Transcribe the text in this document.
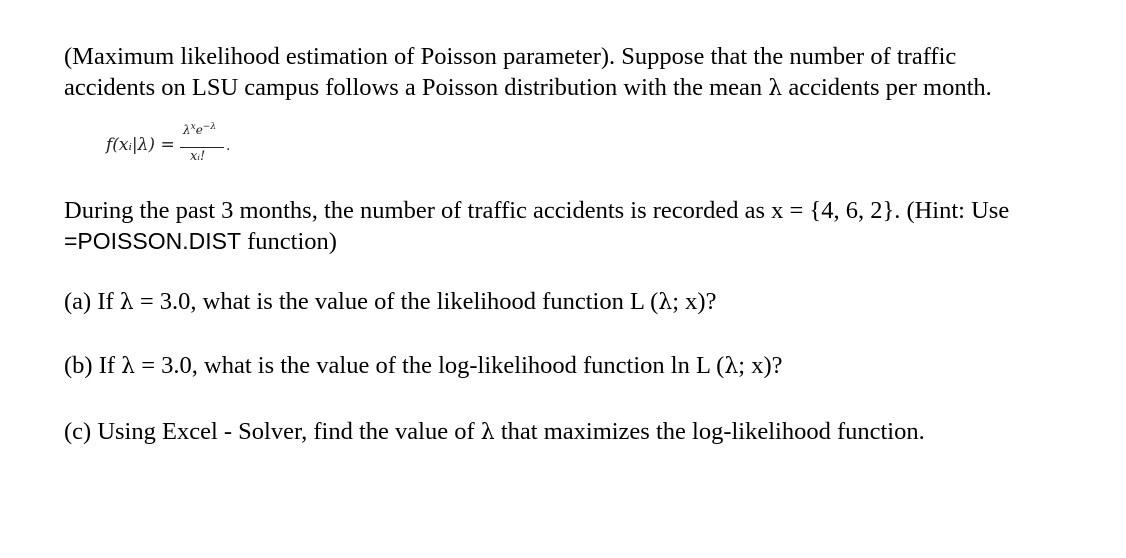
(Maximum likelihood estimation of Poisson parameter). Suppose that the number of traffic
accidents on LSU campus follows a Poisson distribution with the mean λ accidents per month.
f(xᵢ|λ) =
$\lambda^xe^{-\lambda}$
xᵢ!
.
During the past 3 months, the number of traffic accidents is recorded as x = {4, 6, 2}. (Hint: Use
=POISSON.DIST function)
(a) If λ = 3.0, what is the value of the likelihood function L (λ; x)?
(b) If λ = 3.0, what is the value of the log-likelihood function ln L (λ; x)?
(c) Using Excel - Solver, find the value of λ that maximizes the log-likelihood function.
